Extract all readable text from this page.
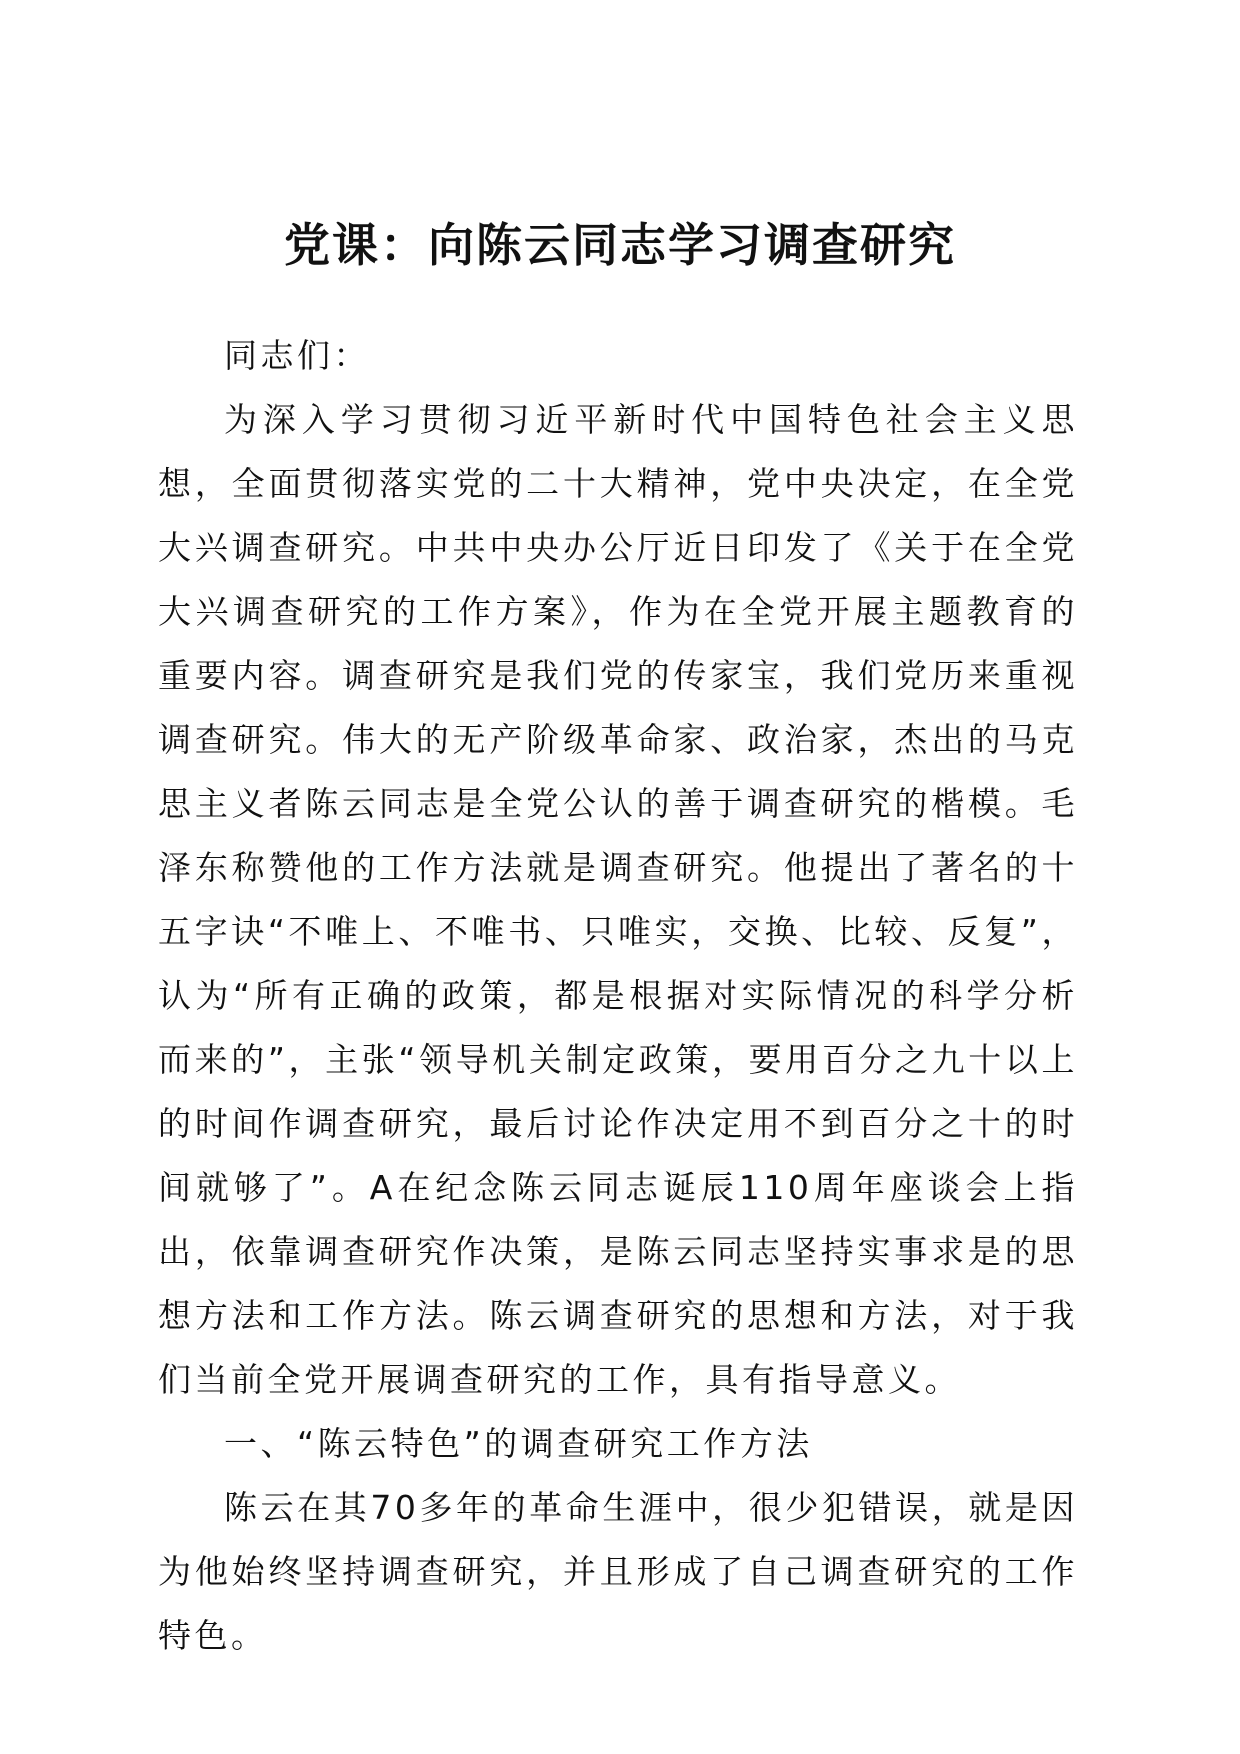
党课：向陈云同志学习调查研究

同志们：

为深入学习贯彻习近平新时代中国特色社会主义思想，全面贯彻落实党的二十大精神，党中央决定，在全党大兴调查研究。中共中央办公厅近日印发了《关于在全党大兴调查研究的工作方案》，作为在全党开展主题教育的重要内容。调查研究是我们党的传家宝，我们党历来重视调查研究。伟大的无产阶级革命家、政治家，杰出的马克思主义者陈云同志是全党公认的善于调查研究的楷模。毛泽东称赞他的工作方法就是调查研究。他提出了著名的十五字诀“不唯上、不唯书、只唯实，交换、比较、反复”，认为“所有正确的政策，都是根据对实际情况的科学分析而来的”，主张“领导机关制定政策，要用百分之九十以上的时间作调查研究，最后讨论作决定用不到百分之十的时间就够了”。A在纪念陈云同志诞辰110周年座谈会上指出，依靠调查研究作决策，是陈云同志坚持实事求是的思想方法和工作方法。陈云调查研究的思想和方法，对于我们当前全党开展调查研究的工作，具有指导意义。

一、“陈云特色”的调查研究工作方法

陈云在其70多年的革命生涯中，很少犯错误，就是因为他始终坚持调查研究，并且形成了自己调查研究的工作特色。
